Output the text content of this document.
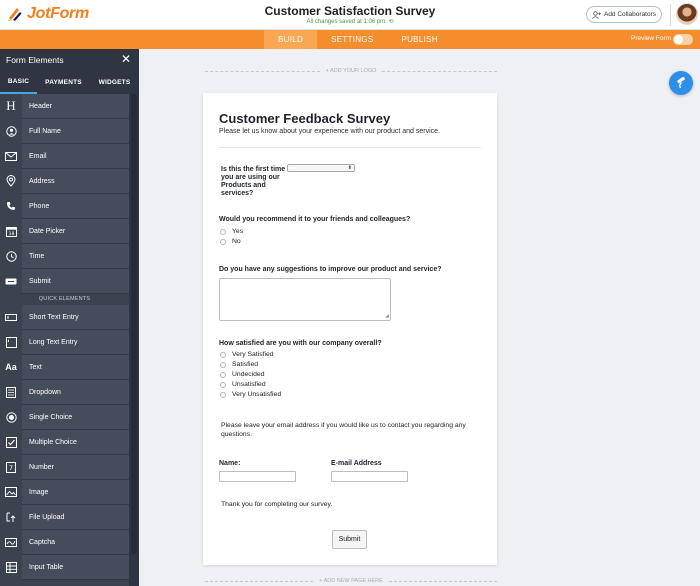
JotForm	Customer Satisfaction Survey
All changes saved at 1:06 pm. ⟲
Add Collaborators
BUILD	SETTINGS	PUBLISH	Preview Form
Form Elements	✕
BASIC	PAYMENTS	WIDGETS
H	Header
Full Name
Email
Address
Phone
18	Date Picker
Time
Submit
QUICK ELEMENTS
Short Text Entry
Long Text Entry
Aa	Text
Dropdown
Single Choice
Multiple Choice
7	Number
Image
File Upload
Captcha
Input Table
+ ADD YOUR LOGO
Customer Feedback Survey
Please let us know about your experience with our product and service.
Is this the first time
you are using our
Products and
services?
⬍
Would you recommend it to your friends and colleagues?
Yes
No
Do you have any suggestions to improve our product and service?
◢
How satisfied are you with our company overall?
Very Satisfied
Satisfied
Undecided
Unsatisfied
Very Unsatisfied
Please leave your email address if you would like us to contact you regarding any
questions.
Name:	E-mail Address
Thank you for completing our survey.
Submit
+ ADD NEW PAGE HERE
